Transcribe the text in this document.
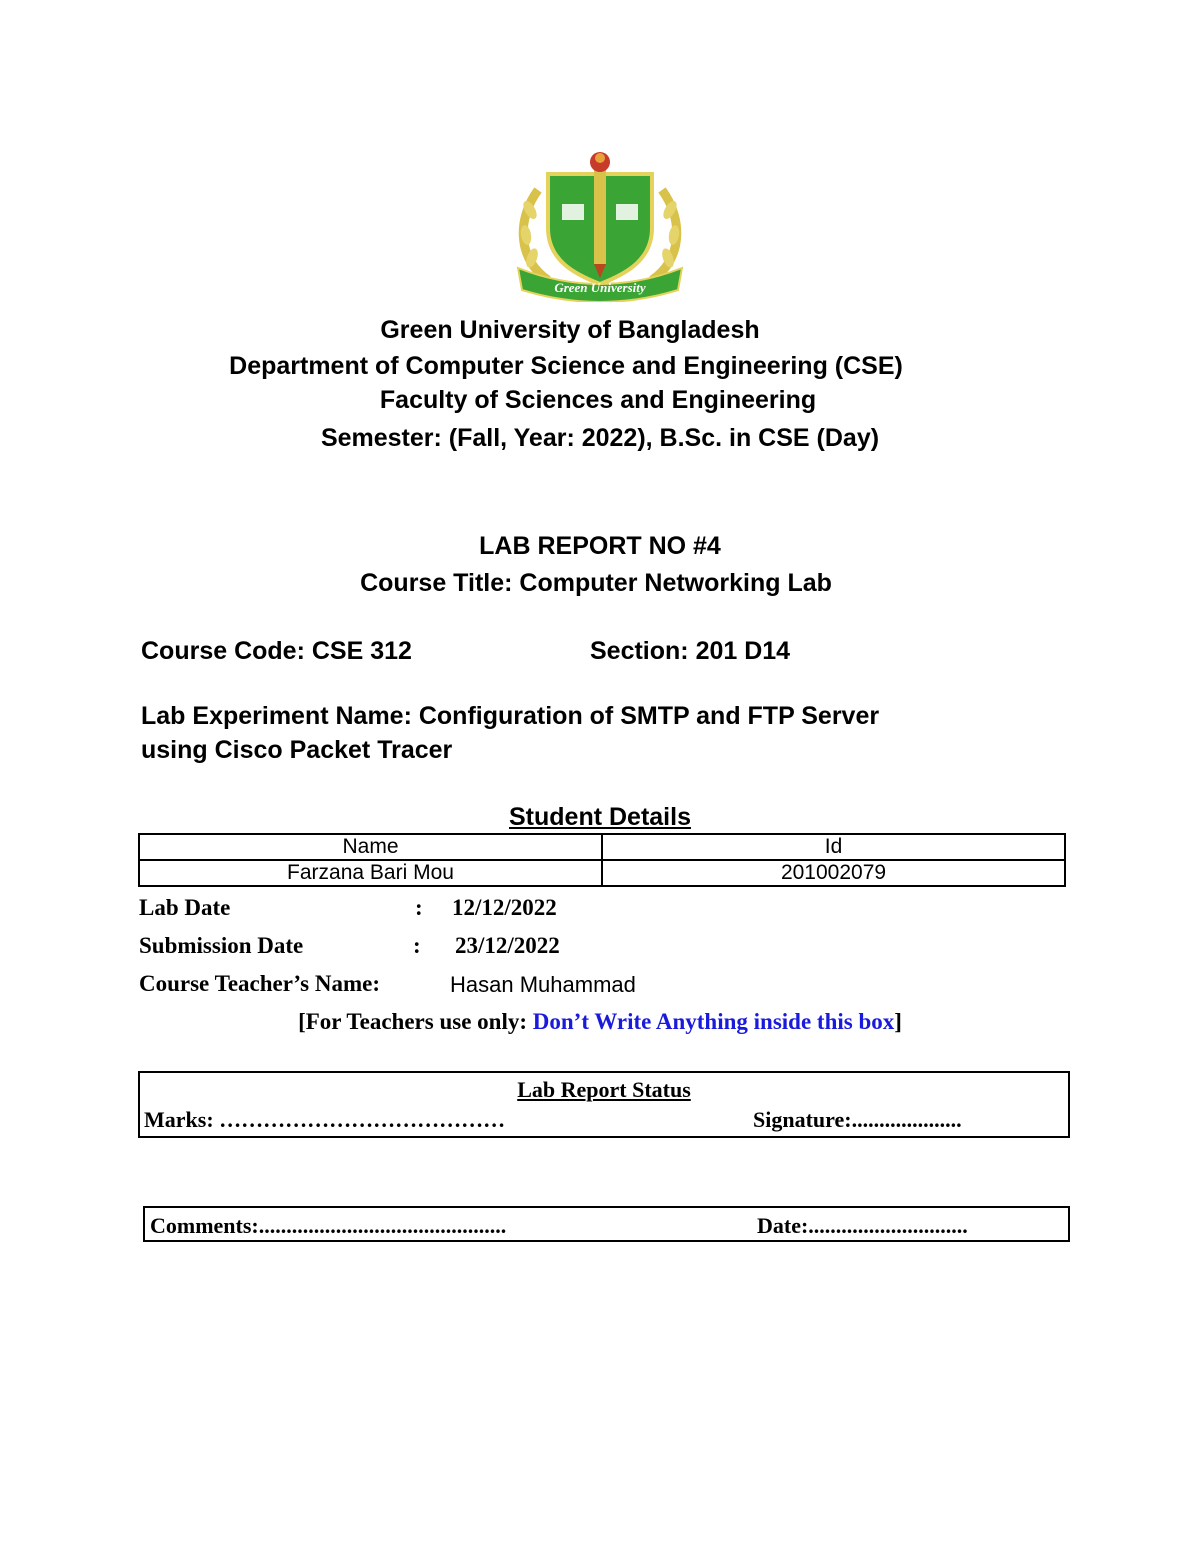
Green University
Green University of Bangladesh
Department of Computer Science and Engineering (CSE)
Faculty of Sciences and Engineering
Semester: (Fall, Year: 2022), B.Sc. in CSE (Day)
LAB REPORT NO #4
Course Title: Computer Networking Lab
Course Code: CSE 312	Section: 201 D14
Lab Experiment Name: Configuration of SMTP and FTP Server
using Cisco Packet Tracer
Student Details
Name	Id
Farzana Bari Mou	201002079
Lab Date	: 12/12/2022
Submission Date	: 23/12/2022
Course Teacher’s Name:	Hasan Muhammad
[For Teachers use only: Don’t Write Anything inside this box]
Lab Report Status
Marks: …………………………………	Signature:....................
Comments:.............................................	Date:.............................
